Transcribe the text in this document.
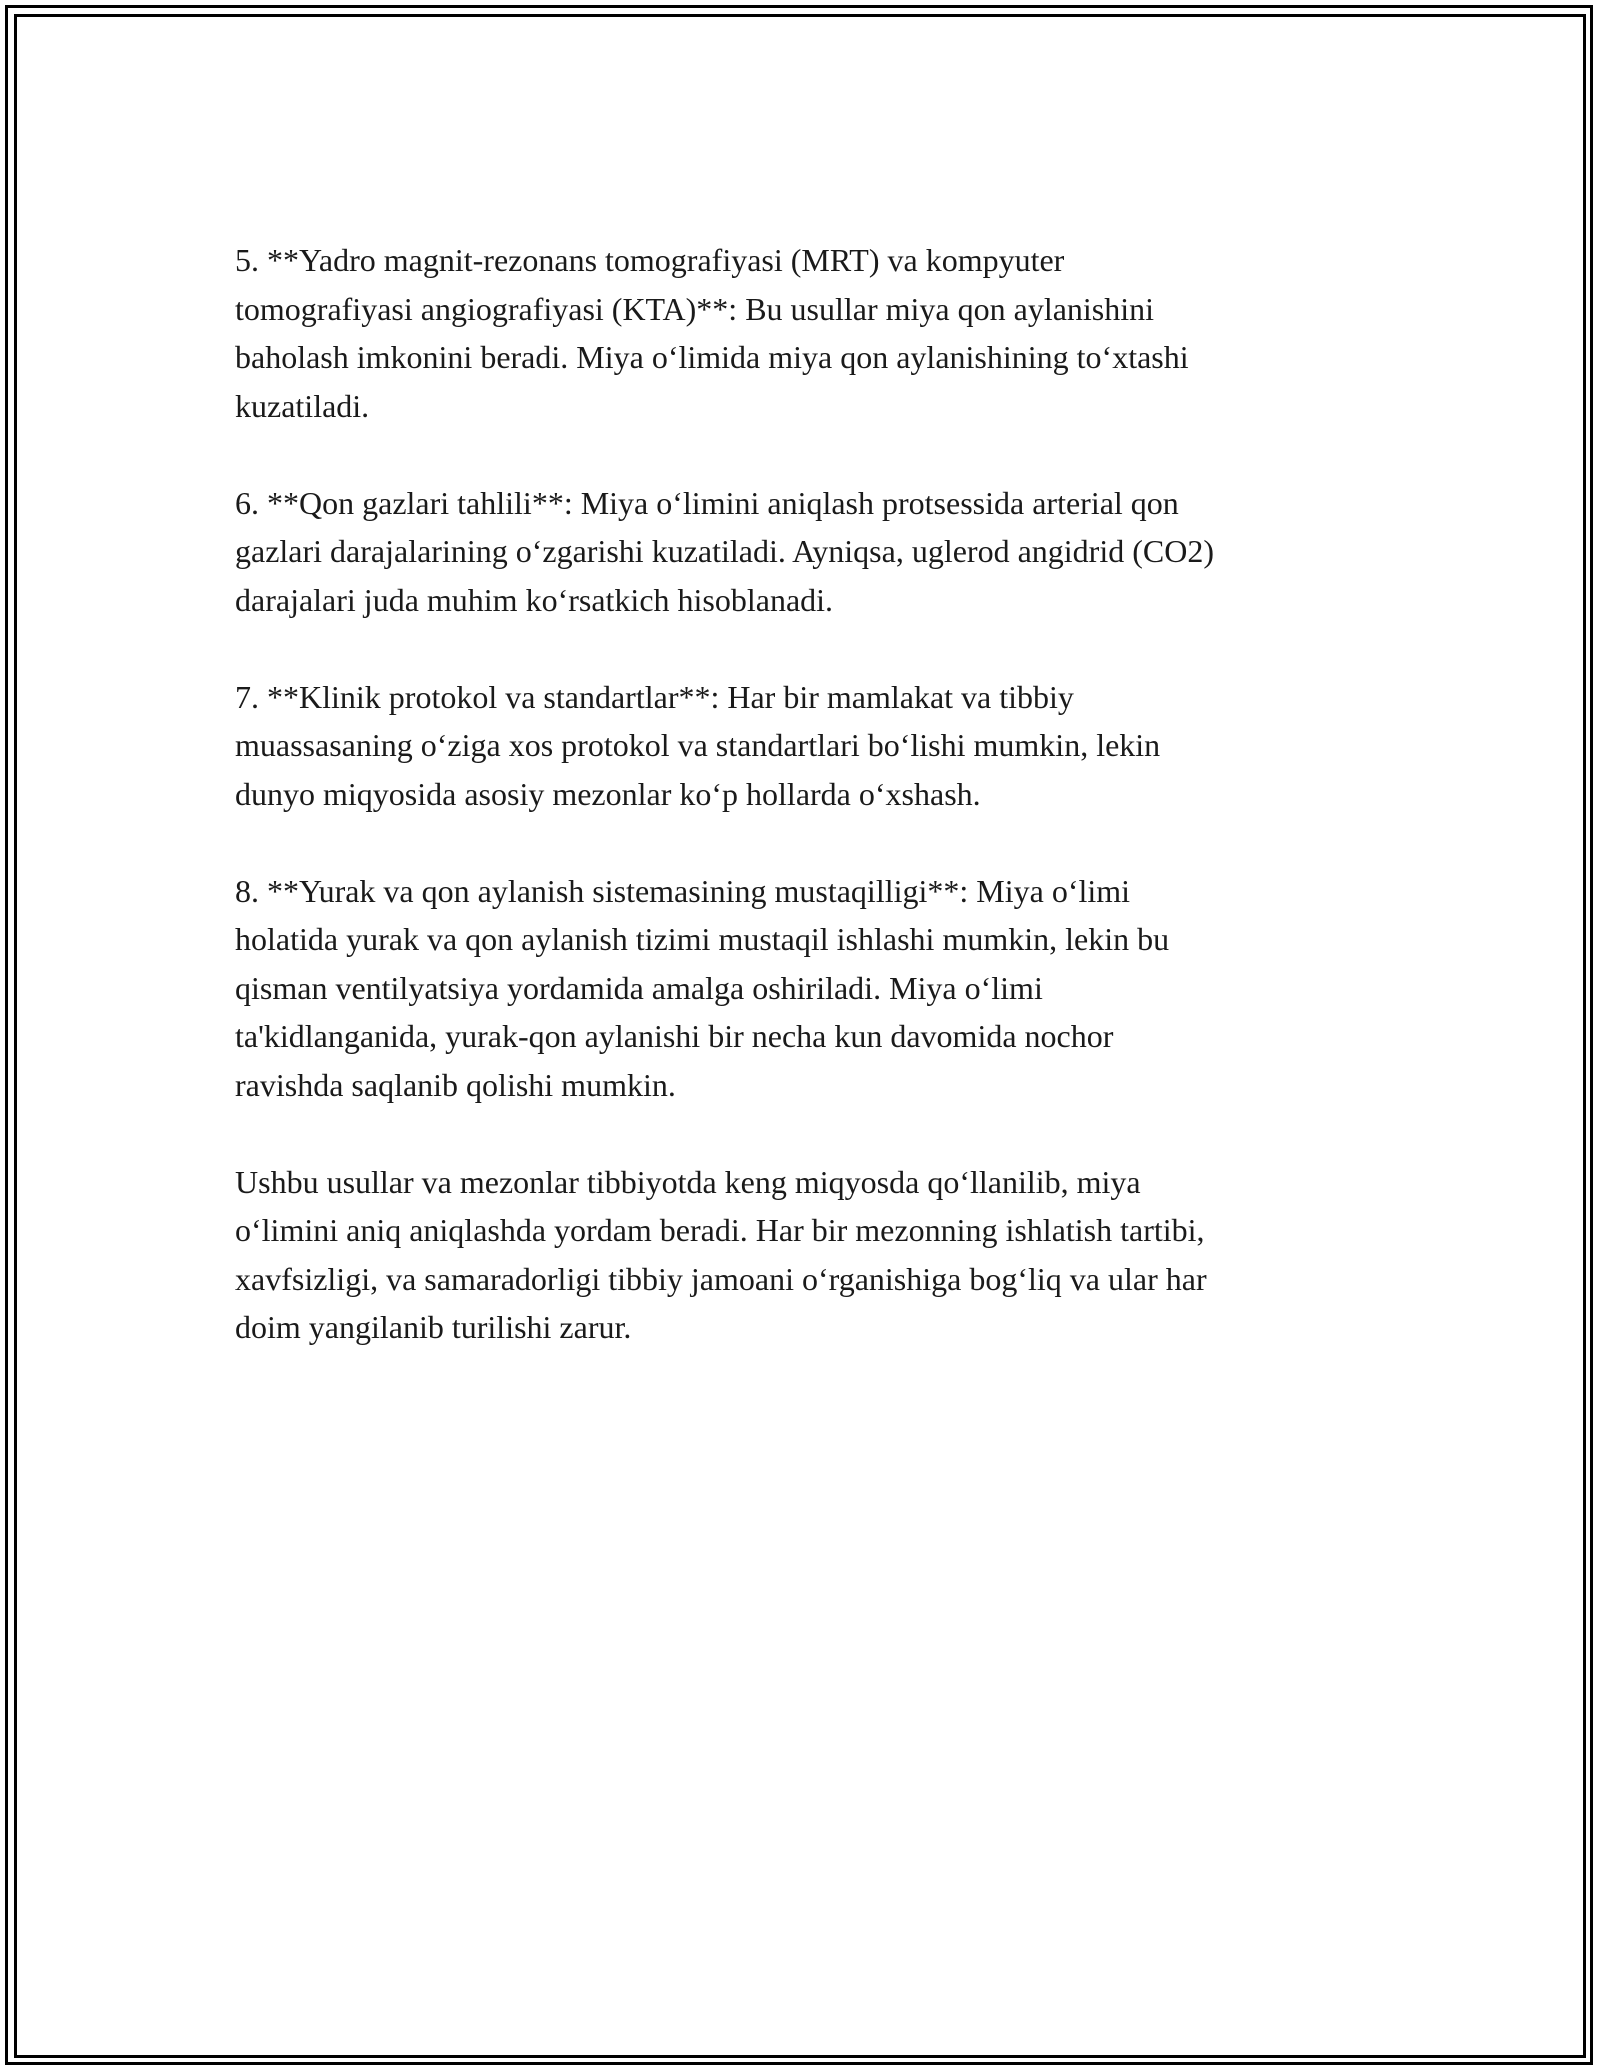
5. **Yadro magnit-rezonans tomografiyasi (MRT) va kompyuter
tomografiyasi angiografiyasi (KTA)**: Bu usullar miya qon aylanishini
baholash imkonini beradi. Miya o‘limida miya qon aylanishining to‘xtashi
kuzatiladi.

6. **Qon gazlari tahlili**: Miya o‘limini aniqlash protsessida arterial qon
gazlari darajalarining o‘zgarishi kuzatiladi. Ayniqsa, uglerod angidrid (CO2)
darajalari juda muhim ko‘rsatkich hisoblanadi.

7. **Klinik protokol va standartlar**: Har bir mamlakat va tibbiy
muassasaning o‘ziga xos protokol va standartlari bo‘lishi mumkin, lekin
dunyo miqyosida asosiy mezonlar ko‘p hollarda o‘xshash.

8. **Yurak va qon aylanish sistemasining mustaqilligi**: Miya o‘limi
holatida yurak va qon aylanish tizimi mustaqil ishlashi mumkin, lekin bu
qisman ventilyatsiya yordamida amalga oshiriladi. Miya o‘limi
ta'kidlanganida, yurak-qon aylanishi bir necha kun davomida nochor
ravishda saqlanib qolishi mumkin.

Ushbu usullar va mezonlar tibbiyotda keng miqyosda qo‘llanilib, miya
o‘limini aniq aniqlashda yordam beradi. Har bir mezonning ishlatish tartibi,
xavfsizligi, va samaradorligi tibbiy jamoani o‘rganishiga bog‘liq va ular har
doim yangilanib turilishi zarur.
